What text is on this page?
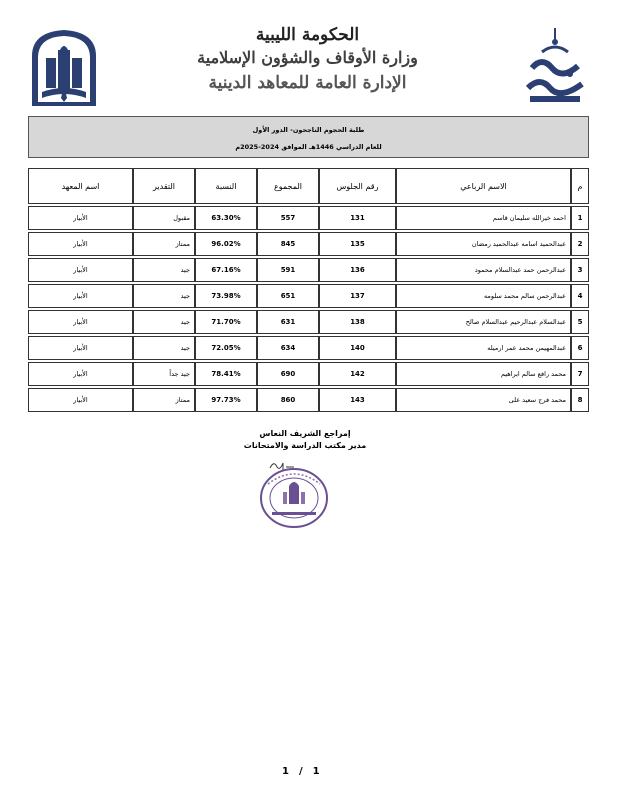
الحكومة الليبية
وزارة الأوقاف والشؤون الإسلامية
الإدارة العامة للمعاهد الدينية
طلبة الحجوم الناجحون- الدور الأول
للعام الدراسي 1446هـ الموافق 2024-2025م
م	الاسم الرباعي	رقم الجلوس	المجموع	النسبة	التقدير	اسم المعهد
1	احمد خيرالله سليمان قاسم	131	557	63.30%	مقبول	الأبيار
2	عبدالحميد اسامه عبدالحميد رمضان	135	845	96.02%	ممتاز	الأبيار
3	عبدالرحمن حمد عبدالسلام محمود	136	591	67.16%	جيد	الأبيار
4	عبدالرحمن سالم محمد سلومه	137	651	73.98%	جيد	الأبيار
5	عبدالسلام عبدالرحيم عبدالسلام صالح	138	631	71.70%	جيد	الأبيار
6	عبدالمهيمن محمد عمر ارميله	140	634	72.05%	جيد	الأبيار
7	محمد رافع سالم ابراهيم	142	690	78.41%	جيد جداً	الأبيار
8	محمد فرج سعيد على	143	860	97.73%	ممتاز	الأبيار
إمراجع الشريف النعاس
مدير مكتب الدراسة والامتحانات
1/1
